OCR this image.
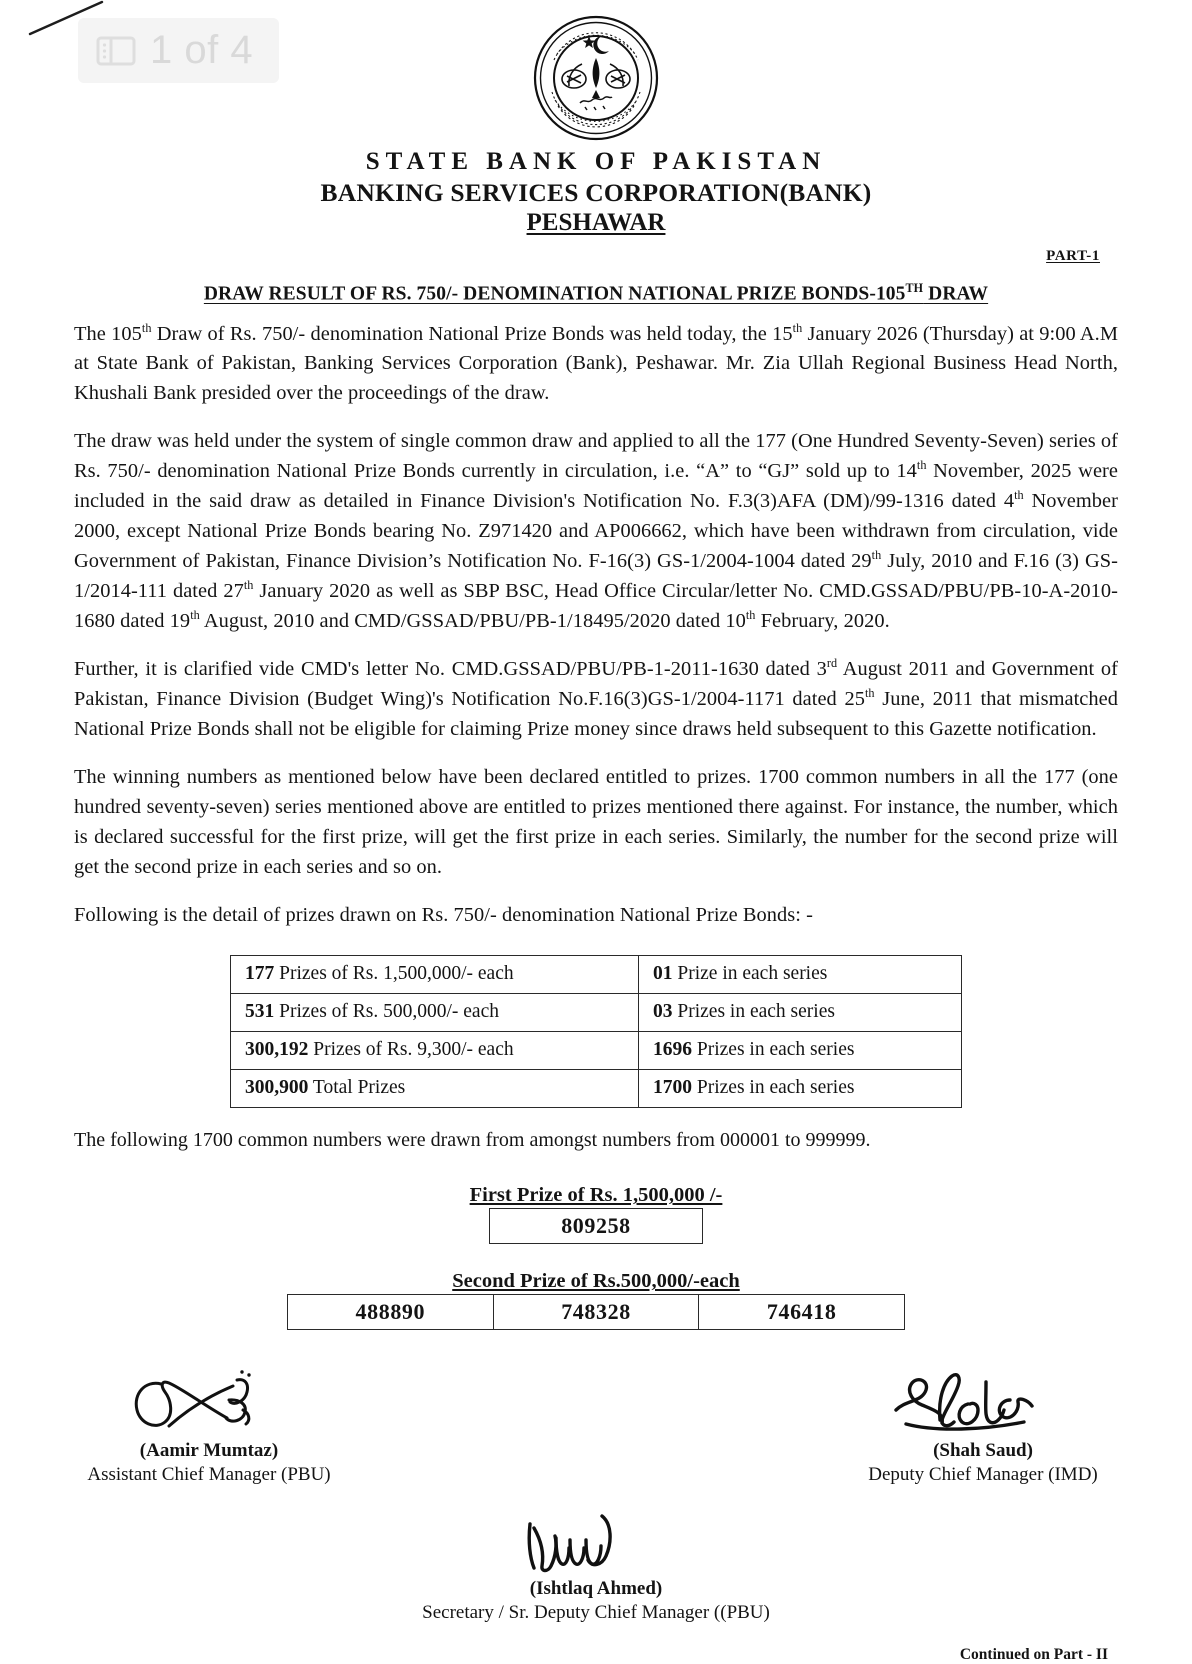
1 of 4
STATE BANK OF PAKISTAN
BANKING SERVICES CORPORATION(BANK)
PESHAWAR
PART-1
DRAW RESULT OF RS. 750/- DENOMINATION NATIONAL PRIZE BONDS-105TH DRAW

The 105th Draw of Rs. 750/- denomination National Prize Bonds was held today, the 15th January 2026 (Thursday) at 9:00 A.M at State Bank of Pakistan, Banking Services Corporation (Bank), Peshawar. Mr. Zia Ullah Regional Business Head North, Khushali Bank presided over the proceedings of the draw.

The draw was held under the system of single common draw and applied to all the 177 (One Hundred Seventy-Seven) series of Rs. 750/- denomination National Prize Bonds currently in circulation, i.e. “A” to “GJ” sold up to 14th November, 2025 were included in the said draw as detailed in Finance Division's Notification No. F.3(3)AFA (DM)/99-1316 dated 4th November 2000, except National Prize Bonds bearing No. Z971420 and AP006662, which have been withdrawn from circulation, vide Government of Pakistan, Finance Division’s Notification No. F-16(3) GS-1/2004-1004 dated 29th July, 2010 and F.16 (3) GS-1/2014-111 dated 27th January 2020 as well as SBP BSC, Head Office Circular/letter No. CMD.GSSAD/PBU/PB-10-A-2010-1680 dated 19th August, 2010 and CMD/GSSAD/PBU/PB-1/18495/2020 dated 10th February, 2020.

Further, it is clarified vide CMD's letter No. CMD.GSSAD/PBU/PB-1-2011-1630 dated 3rd August 2011 and Government of Pakistan, Finance Division (Budget Wing)'s Notification No.F.16(3)GS-1/2004-1171 dated 25th June, 2011 that mismatched National Prize Bonds shall not be eligible for claiming Prize money since draws held subsequent to this Gazette notification.

The winning numbers as mentioned below have been declared entitled to prizes. 1700 common numbers in all the 177 (one hundred seventy-seven) series mentioned above are entitled to prizes mentioned there against. For instance, the number, which is declared successful for the first prize, will get the first prize in each series. Similarly, the number for the second prize will get the second prize in each series and so on.

Following is the detail of prizes drawn on Rs. 750/- denomination National Prize Bonds: -

177 Prizes of Rs. 1,500,000/- each	01 Prize in each series
531 Prizes of Rs. 500,000/- each	03 Prizes in each series
300,192 Prizes of Rs. 9,300/- each	1696 Prizes in each series
300,900 Total Prizes	1700 Prizes in each series

The following 1700 common numbers were drawn from amongst numbers from 000001 to 999999.

First Prize of Rs. 1,500,000 /-
809258
Second Prize of Rs.500,000/-each
488890	748328	746418
(Aamir Mumtaz)
Assistant Chief Manager (PBU)
(Shah Saud)
Deputy Chief Manager (IMD)
(Ishtlaq Ahmed)
Secretary / Sr. Deputy Chief Manager ((PBU)
Continued on Part - II
